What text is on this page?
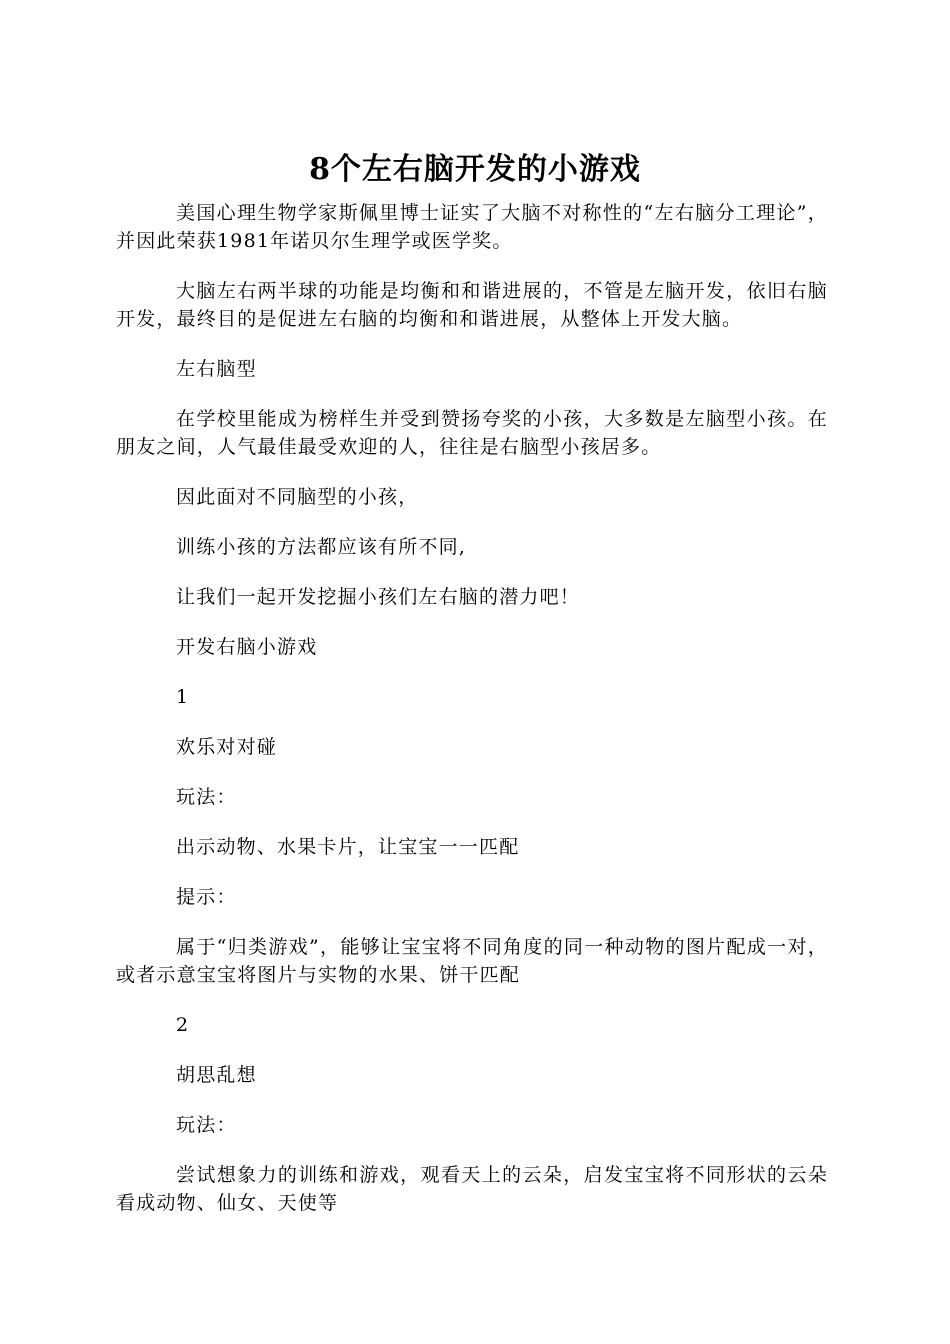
8个左右脑开发的小游戏

美国心理生物学家斯佩里博士证实了大脑不对称性的“左右脑分工理论”，并因此荣获1981年诺贝尔生理学或医学奖。

大脑左右两半球的功能是均衡和和谐进展的，不管是左脑开发，依旧右脑开发，最终目的是促进左右脑的均衡和和谐进展，从整体上开发大脑。

左右脑型

在学校里能成为榜样生并受到赞扬夸奖的小孩，大多数是左脑型小孩。在朋友之间，人气最佳最受欢迎的人，往往是右脑型小孩居多。

因此面对不同脑型的小孩，

训练小孩的方法都应该有所不同,

让我们一起开发挖掘小孩们左右脑的潜力吧！

开发右脑小游戏

1

欢乐对对碰

玩法：

出示动物、水果卡片，让宝宝一一匹配

提示：

属于“归类游戏”，能够让宝宝将不同角度的同一种动物的图片配成一对，或者示意宝宝将图片与实物的水果、饼干匹配

2

胡思乱想

玩法：

尝试想象力的训练和游戏，观看天上的云朵，启发宝宝将不同形状的云朵看成动物、仙女、天使等
